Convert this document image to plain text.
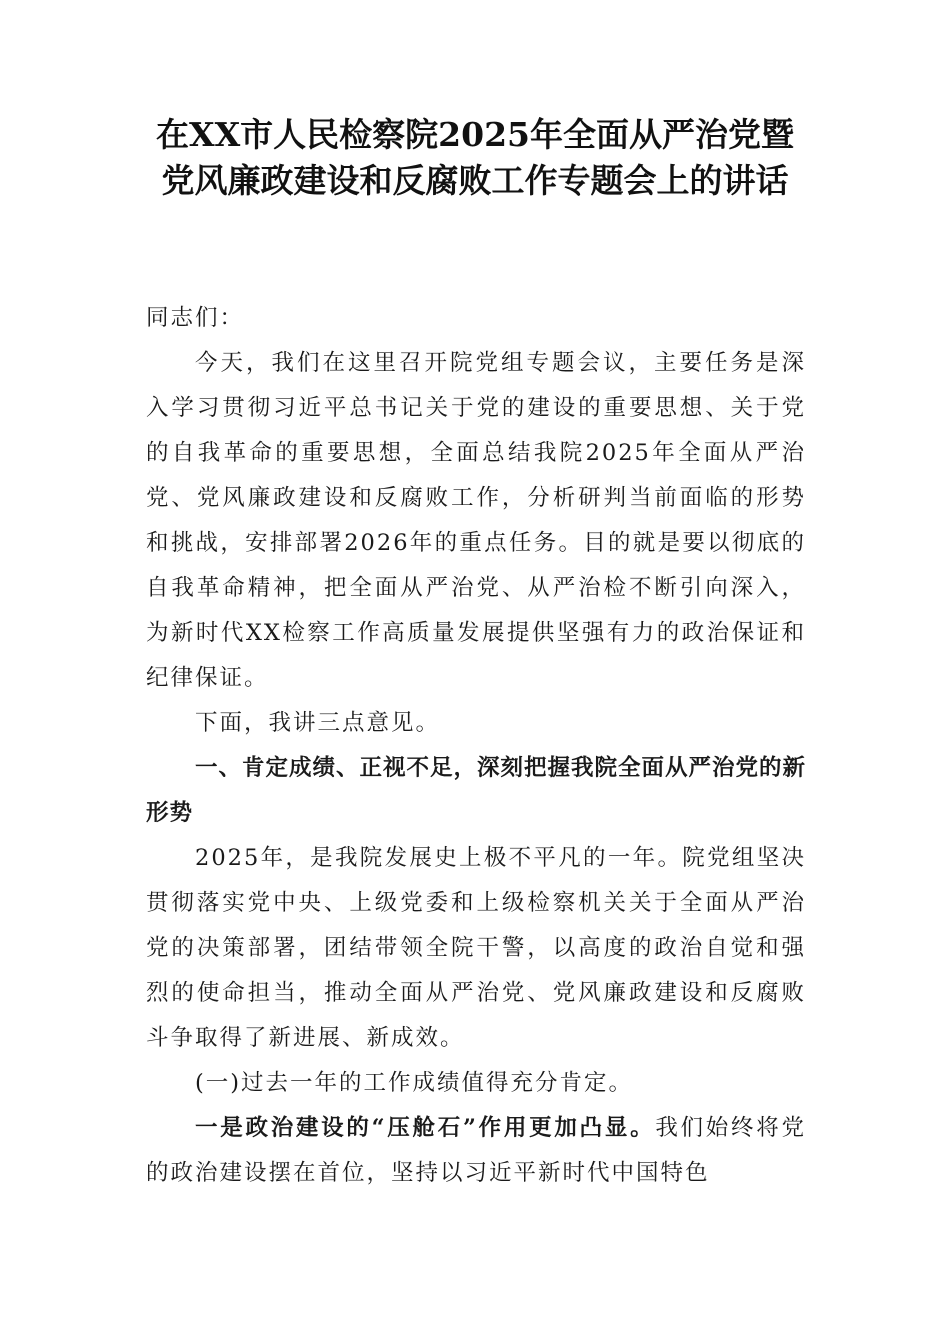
在XX市人民检察院2025年全面从严治党暨党风廉政建设和反腐败工作专题会上的讲话

同志们：

今天，我们在这里召开院党组专题会议，主要任务是深入学习贯彻习近平总书记关于党的建设的重要思想、关于党的自我革命的重要思想，全面总结我院2025年全面从严治党、党风廉政建设和反腐败工作，分析研判当前面临的形势和挑战，安排部署2026年的重点任务。目的就是要以彻底的自我革命精神，把全面从严治党、从严治检不断引向深入，为新时代XX检察工作高质量发展提供坚强有力的政治保证和纪律保证。

下面，我讲三点意见。

一、肯定成绩、正视不足，深刻把握我院全面从严治党的新形势

2025年，是我院发展史上极不平凡的一年。院党组坚决贯彻落实党中央、上级党委和上级检察机关关于全面从严治党的决策部署，团结带领全院干警，以高度的政治自觉和强烈的使命担当，推动全面从严治党、党风廉政建设和反腐败斗争取得了新进展、新成效。

(一)过去一年的工作成绩值得充分肯定。

一是政治建设的“压舱石”作用更加凸显。我们始终将党的政治建设摆在首位，坚持以习近平新时代中国特色
